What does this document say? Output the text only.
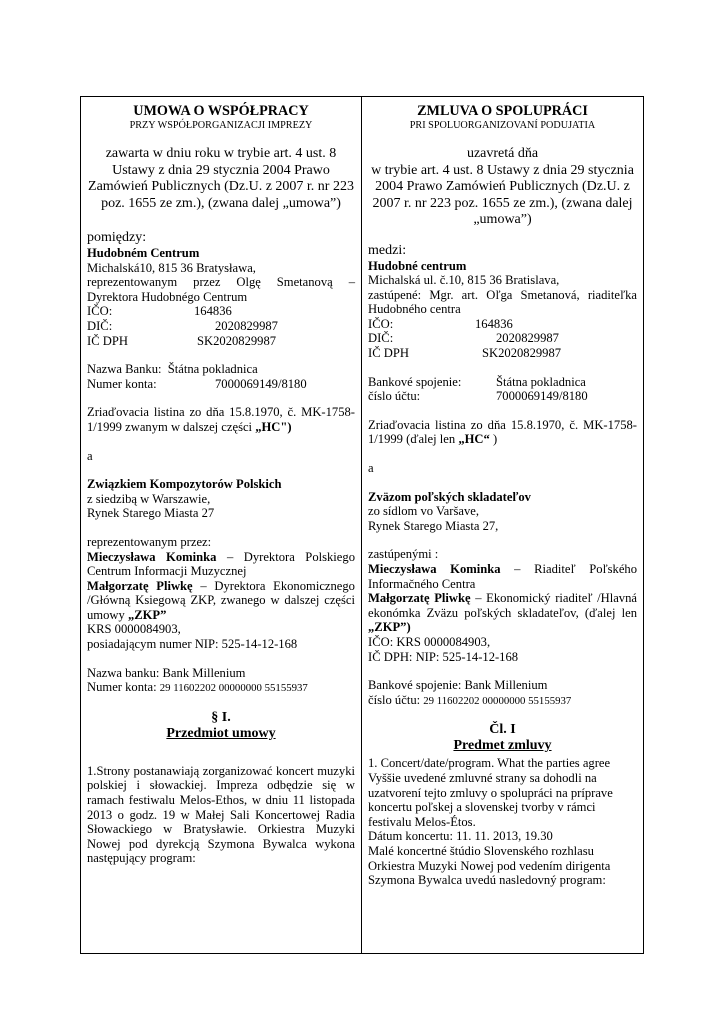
UMOWA O WSPÓŁPRACY
PRZY WSPÓŁPORGANIZACJI IMPREZY
zawarta w dniu roku w trybie art. 4 ust. 8 Ustawy z dnia 29 stycznia 2004 Prawo Zamówień Publicznych (Dz.U. z 2007 r. nr 223 poz. 1655 ze zm.), (zwana dalej „umowa”)
pomiędzy:
Hudobném Centrum
Michalská10, 815 36 Bratysława,
reprezentowanym przez Olgę Smetanovą – Dyrektora Hudobnégo Centrum
IČO:	164836
DIČ:	2020829987
IČ DPH	SK2020829987
Nazwa Banku: Štátna pokladnica
Numer konta:	7000069149/8180
Zriaďovacia listina zo dňa 15.8.1970, č. MK-1758-1/1999 zwanym w dalszej części „HC")
a
Związkiem Kompozytorów Polskich
z siedzibą w Warszawie,
Rynek Starego Miasta 27
reprezentowanym przez:
Mieczysława Kominka – Dyrektora Polskiego Centrum Informacji Muzycznej
Małgorzatę Pliwkę – Dyrektora Ekonomicznego /Główną Ksiegową ZKP, zwanego w dalszej części umowy „ZKP”
KRS 0000084903,
posiadającym numer NIP: 525-14-12-168
Nazwa banku: Bank Millenium
Numer konta: 29 11602202 00000000 55155937
§ I.
Przedmiot umowy
1.Strony postanawiają zorganizować koncert muzyki polskiej i słowackiej. Impreza odbędzie się w ramach festiwalu Melos-Ethos, w dniu 11 listopada 2013 o godz. 19 w Małej Sali Koncertowej Radia Słowackiego w Bratysławie. Orkiestra Muzyki Nowej pod dyrekcją Szymona Bywalca wykona następujący program:
ZMLUVA O SPOLUPRÁCI
PRI SPOLUORGANIZOVANÍ PODUJATIA
uzavretá dňa
w trybie art. 4 ust. 8 Ustawy z dnia 29 stycznia 2004 Prawo Zamówień Publicznych (Dz.U. z 2007 r. nr 223 poz. 1655 ze zm.), (zwana dalej „umowa”)
medzi:
Hudobné centrum
Michalská ul. č.10, 815 36 Bratislava,
zastúpené: Mgr. art. Oľga Smetanová, riaditeľka Hudobného centra
IČO:	164836
DIČ:	2020829987
IČ DPH	SK2020829987
Bankové spojenie:	Štátna pokladnica
číslo účtu:	7000069149/8180
Zriaďovacia listina zo dňa 15.8.1970, č. MK-1758-1/1999 (ďalej len „HC“ )
a
Zväzom poľských skladateľov
zo sídlom vo Varšave,
Rynek Starego Miasta 27,
zastúpenými :
Mieczysława Kominka – Riaditeľ Poľského Informačného Centra
Małgorzatę Pliwkę – Ekonomický riaditeľ /Hlavná ekonómka Zväzu poľských skladateľov, (ďalej len „ZKP”)
IČO: KRS 0000084903,
IČ DPH: NIP: 525-14-12-168
Bankové spojenie: Bank Millenium
číslo účtu: 29 11602202 00000000 55155937
Čl. I
Predmet zmluvy
1. Concert/date/program. What the parties agree Vyššie uvedené zmluvné strany sa dohodli na uzatvorení tejto zmluvy o spolupráci na príprave koncertu poľskej a slovenskej tvorby v rámci festivalu Melos-Étos.
Dátum koncertu: 11. 11. 2013, 19.30
Malé koncertné štúdio Slovenského rozhlasu
Orkiestra Muzyki Nowej pod vedením dirigenta Szymona Bywalca uvedú nasledovný program:
